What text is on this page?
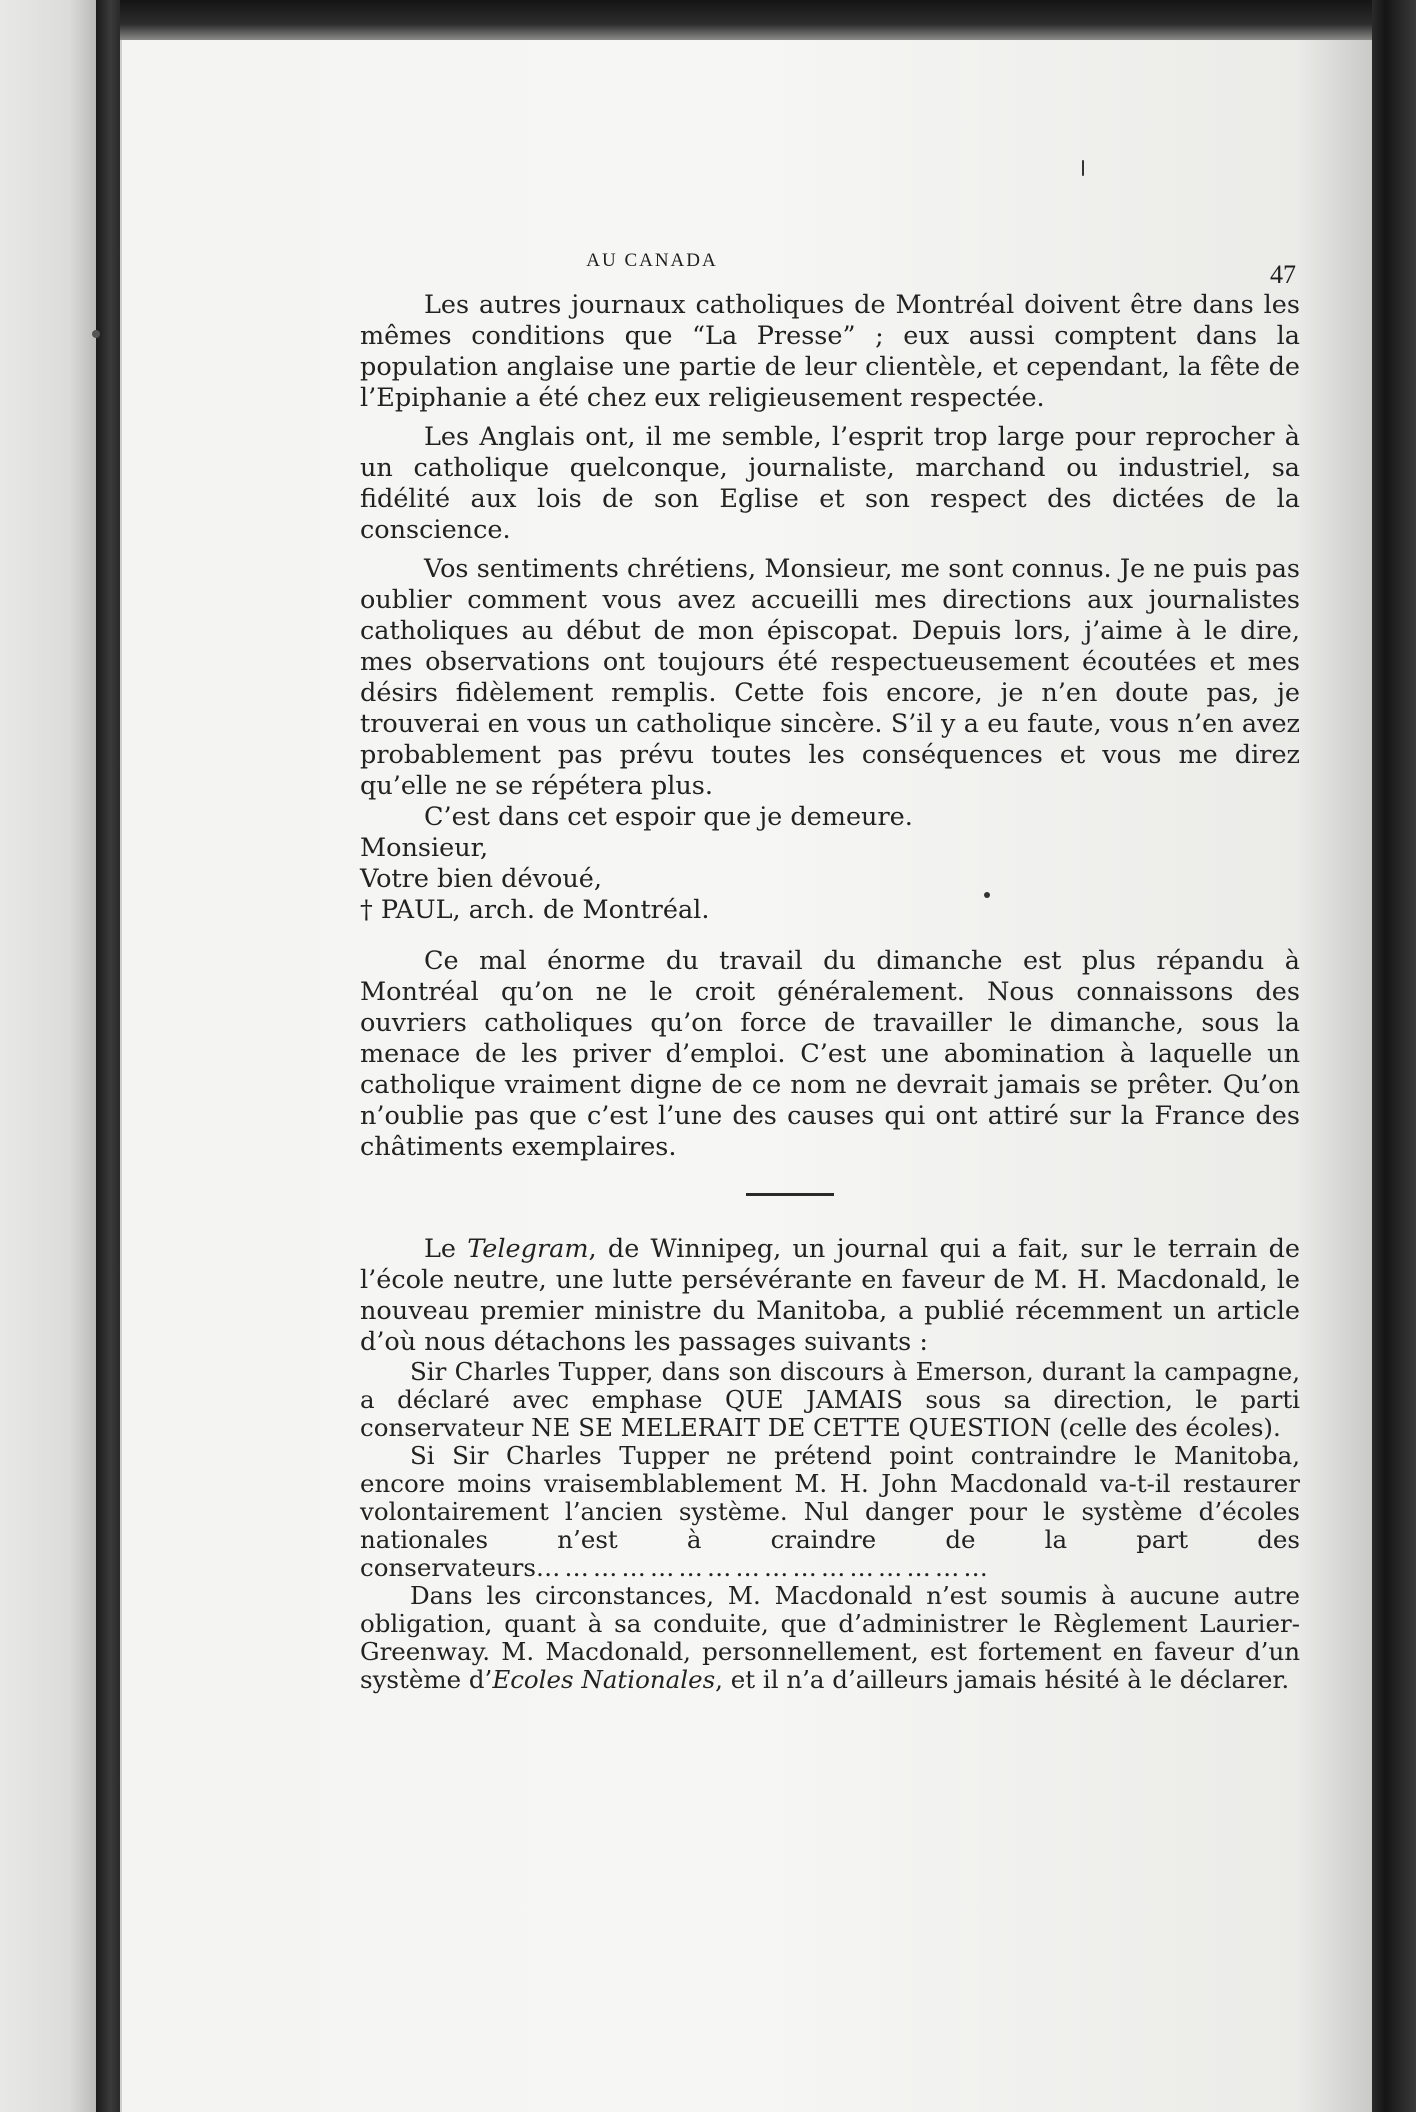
AU CANADA	47

Les autres journaux catholiques de Montréal doivent être dans les mêmes conditions que “La Presse” ; eux aussi comptent dans la population anglaise une partie de leur clientèle, et cependant, la fête de l’Epiphanie a été chez eux religieusement respectée.

Les Anglais ont, il me semble, l’esprit trop large pour reprocher à un catholique quelconque, journaliste, marchand ou industriel, sa fidélité aux lois de son Eglise et son respect des dictées de la conscience.

Vos sentiments chrétiens, Monsieur, me sont connus. Je ne puis pas oublier comment vous avez accueilli mes directions aux journalistes catholiques au début de mon épiscopat. Depuis lors, j’aime à le dire, mes observations ont toujours été respectueusement écoutées et mes désirs fidèlement remplis. Cette fois encore, je n’en doute pas, je trouverai en vous un catholique sincère. S’il y a eu faute, vous n’en avez probablement pas prévu toutes les conséquences et vous me direz qu’elle ne se répétera plus.

C’est dans cet espoir que je demeure.

Monsieur,

Votre bien dévoué,

† PAUL, arch. de Montréal.

Ce mal énorme du travail du dimanche est plus répandu à Montréal qu’on ne le croit généralement. Nous connaissons des ouvriers catholiques qu’on force de travailler le dimanche, sous la menace de les priver d’emploi. C’est une abomination à laquelle un catholique vraiment digne de ce nom ne devrait jamais se prêter. Qu’on n’oublie pas que c’est l’une des causes qui ont attiré sur la France des châtiments exemplaires.

Le Telegram, de Winnipeg, un journal qui a fait, sur le terrain de l’école neutre, une lutte persévérante en faveur de M. H. Macdonald, le nouveau premier ministre du Manitoba, a publié récemment un article d’où nous détachons les passages suivants :

Sir Charles Tupper, dans son discours à Emerson, durant la campagne, a déclaré avec emphase QUE JAMAIS sous sa direction, le parti conservateur NE SE MELERAIT DE CETTE QUESTION (celle des écoles).

Si Sir Charles Tupper ne prétend point contraindre le Manitoba, encore moins vraisemblablement M. H. John Macdonald va-t-il restaurer volontairement l’ancien système. Nul danger pour le système d’écoles nationales n’est à craindre de la part des conservateurs…………………………………………

Dans les circonstances, M. Macdonald n’est soumis à aucune autre obligation, quant à sa conduite, que d’administrer le Règlement Laurier-Greenway. M. Macdonald, personnellement, est fortement en faveur d’un système d’Ecoles Nationales, et il n’a d’ailleurs jamais hésité à le déclarer.
